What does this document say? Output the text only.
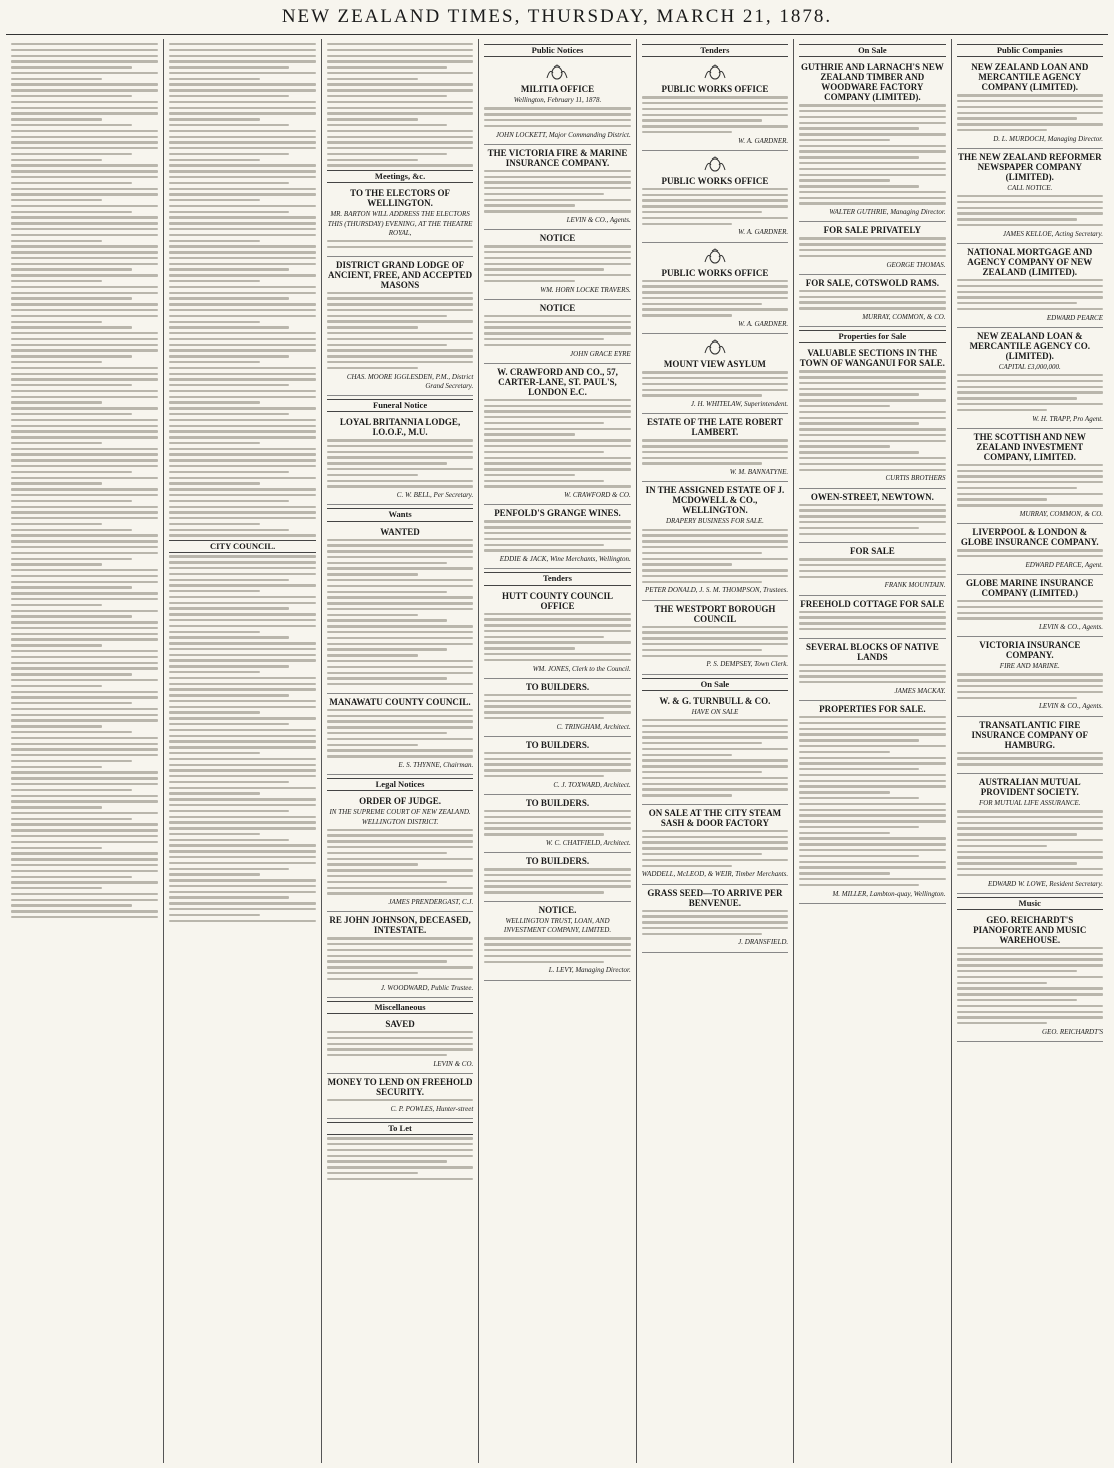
NEW ZEALAND TIMES, THURSDAY, MARCH 21, 1878.
CITY COUNCIL.
Meetings, &c.
TO THE ELECTORS OF WELLINGTON.
MR. BARTON WILL ADDRESS THE ELECTORS THIS (THURSDAY) EVENING, AT THE THEATRE ROYAL,
DISTRICT GRAND LODGE OF ANCIENT, FREE, AND ACCEPTED MASONS
CHAS. MOORE IGGLESDEN, P.M., District Grand Secretary.
Funeral Notice
LOYAL BRITANNIA LODGE, I.O.O.F., M.U.
C. W. BELL, Per Secretary.
Wants
WANTED
MANAWATU COUNTY COUNCIL.
E. S. THYNNE, Chairman.
Legal Notices
ORDER OF JUDGE.
IN THE SUPREME COURT OF NEW ZEALAND. WELLINGTON DISTRICT.
JAMES PRENDERGAST, C.J.
RE JOHN JOHNSON, DECEASED, INTESTATE.
J. WOODWARD, Public Trustee.
Miscellaneous
SAVED
LEVIN & CO.
MONEY TO LEND ON FREEHOLD SECURITY.
C. P. POWLES, Hunter-street
To Let
Public Notices
MILITIA OFFICE
Wellington, February 11, 1878.
JOHN LOCKETT, Major Commanding District.
THE VICTORIA FIRE & MARINE INSURANCE COMPANY.
LEVIN & CO., Agents.
NOTICE
WM. HORN LOCKE TRAVERS.
NOTICE
JOHN GRACE EYRE
W. CRAWFORD AND CO., 57, CARTER-LANE, ST. PAUL'S, LONDON E.C.
W. CRAWFORD & CO.
PENFOLD'S GRANGE WINES.
EDDIE & JACK, Wine Merchants, Wellington.
Tenders
HUTT COUNTY COUNCIL OFFICE
WM. JONES, Clerk to the Council.
TO BUILDERS.
C. TRINGHAM, Architect.
TO BUILDERS.
C. J. TOXWARD, Architect.
TO BUILDERS.
W. C. CHATFIELD, Architect.
TO BUILDERS.
NOTICE.
WELLINGTON TRUST, LOAN, AND INVESTMENT COMPANY, LIMITED.
L. LEVY, Managing Director.
Tenders
PUBLIC WORKS OFFICE
W. A. GARDNER.
PUBLIC WORKS OFFICE
W. A. GARDNER.
PUBLIC WORKS OFFICE
W. A. GARDNER.
MOUNT VIEW ASYLUM
J. H. WHITELAW, Superintendent.
ESTATE OF THE LATE ROBERT LAMBERT.
W. M. BANNATYNE.
IN THE ASSIGNED ESTATE OF J. MCDOWELL & CO., WELLINGTON.
DRAPERY BUSINESS FOR SALE.
PETER DONALD, J. S. M. THOMPSON, Trustees.
THE WESTPORT BOROUGH COUNCIL
P. S. DEMPSEY, Town Clerk.
On Sale
W. & G. TURNBULL & CO.
HAVE ON SALE
ON SALE AT THE CITY STEAM SASH & DOOR FACTORY
WADDELL, McLEOD, & WEIR, Timber Merchants.
GRASS SEED—TO ARRIVE PER BENVENUE.
J. DRANSFIELD.
On Sale
GUTHRIE AND LARNACH'S NEW ZEALAND TIMBER AND WOODWARE FACTORY COMPANY (LIMITED).
WALTER GUTHRIE, Managing Director.
FOR SALE PRIVATELY
GEORGE THOMAS.
FOR SALE, COTSWOLD RAMS.
MURRAY, COMMON, & CO.
Properties for Sale
VALUABLE SECTIONS IN THE TOWN OF WANGANUI FOR SALE.
CURTIS BROTHERS
OWEN-STREET, NEWTOWN.
FOR SALE
FRANK MOUNTAIN.
FREEHOLD COTTAGE FOR SALE
SEVERAL BLOCKS OF NATIVE LANDS
JAMES MACKAY.
PROPERTIES FOR SALE.
M. MILLER, Lambton-quay, Wellington.
Public Companies
NEW ZEALAND LOAN AND MERCANTILE AGENCY COMPANY (LIMITED).
D. L. MURDOCH, Managing Director.
THE NEW ZEALAND REFORMER NEWSPAPER COMPANY (LIMITED).
CALL NOTICE.
JAMES KELLOE, Acting Secretary.
NATIONAL MORTGAGE AND AGENCY COMPANY OF NEW ZEALAND (LIMITED).
EDWARD PEARCE
NEW ZEALAND LOAN & MERCANTILE AGENCY CO. (LIMITED).
CAPITAL £3,000,000.
W. H. TRAPP, Pro Agent.
THE SCOTTISH AND NEW ZEALAND INVESTMENT COMPANY, LIMITED.
MURRAY, COMMON, & CO.
LIVERPOOL & LONDON & GLOBE INSURANCE COMPANY.
EDWARD PEARCE, Agent.
GLOBE MARINE INSURANCE COMPANY (LIMITED.)
LEVIN & CO., Agents.
VICTORIA INSURANCE COMPANY.
FIRE AND MARINE.
LEVIN & CO., Agents.
TRANSATLANTIC FIRE INSURANCE COMPANY OF HAMBURG.
AUSTRALIAN MUTUAL PROVIDENT SOCIETY.
FOR MUTUAL LIFE ASSURANCE.
EDWARD W. LOWE, Resident Secretary.
Music
GEO. REICHARDT'S PIANOFORTE AND MUSIC WAREHOUSE.
GEO. REICHARDT'S
